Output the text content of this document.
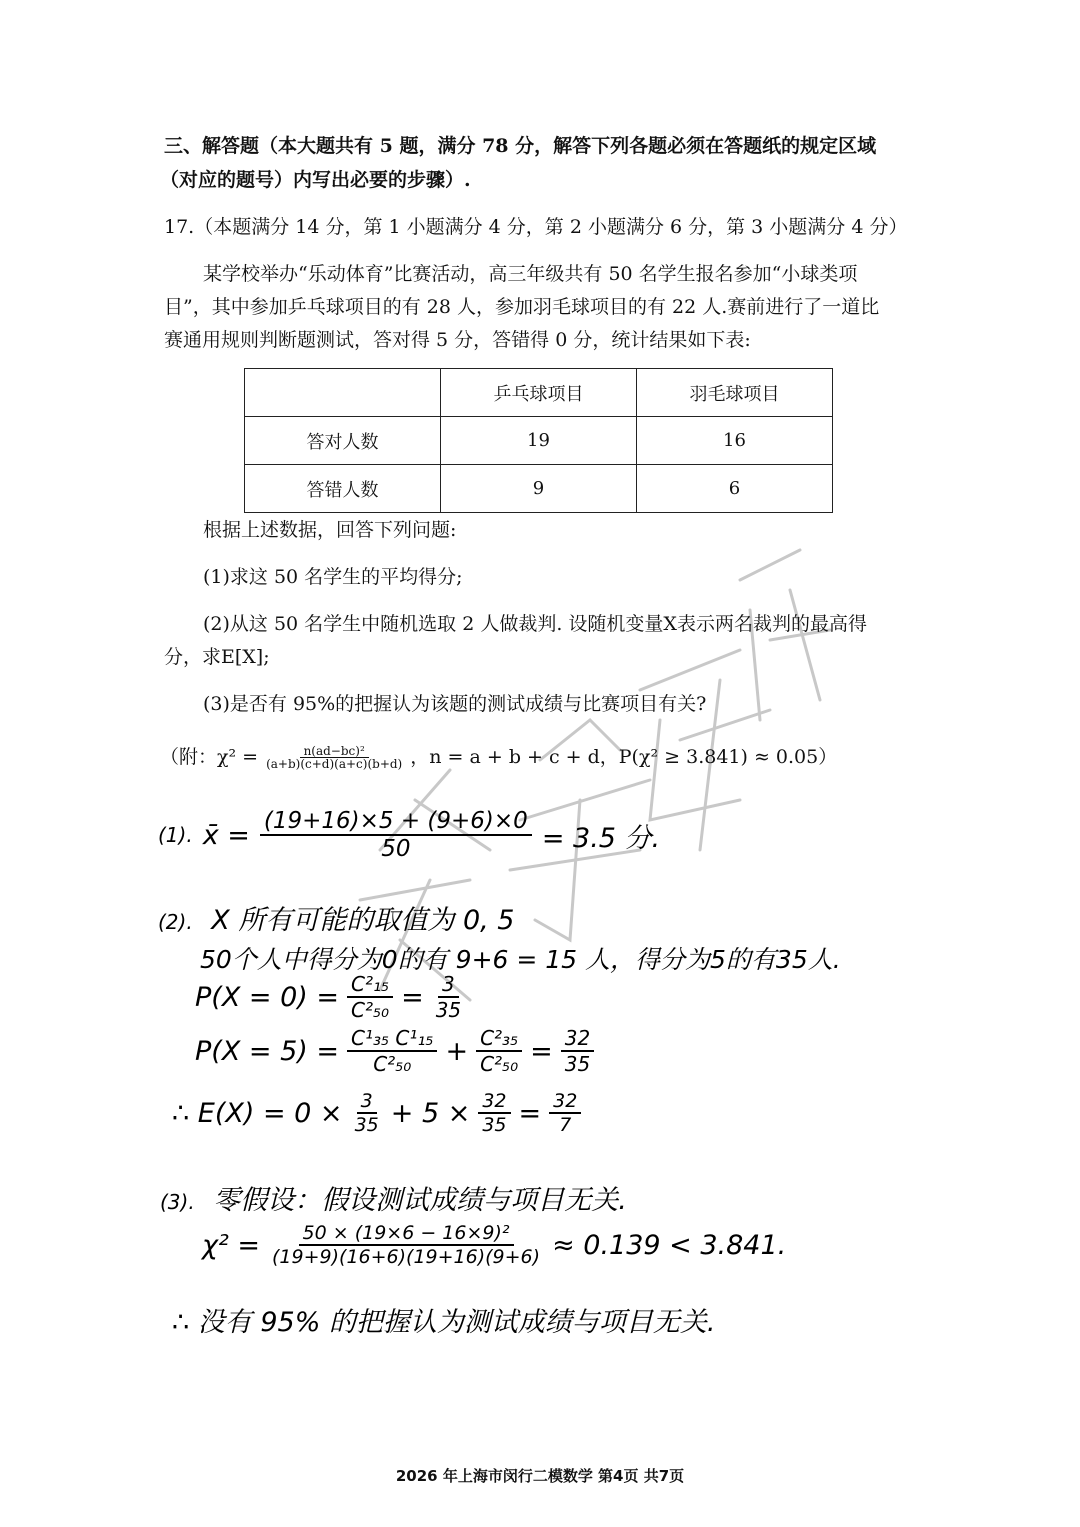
三、解答题（本大题共有 5 题，满分 78 分，解答下列各题必须在答题纸的规定区域
（对应的题号）内写出必要的步骤）.
17.（本题满分 14 分，第 1 小题满分 4 分，第 2 小题满分 6 分，第 3 小题满分 4 分）
某学校举办“乐动体育”比赛活动，高三年级共有 50 名学生报名参加“小球类项
目”，其中参加乒乓球项目的有 28 人，参加羽毛球项目的有 22 人.赛前进行了一道比
赛通用规则判断题测试，答对得 5 分，答错得 0 分，统计结果如下表:
	乒乓球项目	羽毛球项目
答对人数	19	16
答错人数	9	6
根据上述数据，回答下列问题:
(1)求这 50 名学生的平均得分;
(2)从这 50 名学生中随机选取 2 人做裁判. 设随机变量X表示两名裁判的最高得
分，求E[X];
(3)是否有 95%的把握认为该题的测试成绩与比赛项目有关?
（附：$\chi^2 = \frac{\text{n(ad−bc)²}}{(a+b)(c+d)(a+c)(b+d)}$ ，n = a + b + c + d，P(χ² ≥ 3.841) ≈ 0.05）
(1). x̄ = $\frac{(19+16)\times 5 + (9+6)\times 0}{50} = 3.5$ 分.
(2). X 所有可能的取值为 0, 5
50个人中得分为0的有 9+6 = 15 人，得分为5的有35人.
$P(X = 0) = \frac{\text{C²₁₅}}{\text{C²₅₀}} = \frac{3}{35}$
$P(X = 5) = \frac{\text{C¹₃₅ C¹₁₅}}{\text{C²₅₀}} + \frac{\text{C²₃₅}}{\text{C²₅₀}} = \frac{32}{35}$
∴ $E(X) = 0 \times \frac{3}{35} + 5 \times \frac{32}{35} = \frac{32}{7}$
(3). 零假设：假设测试成绩与项目无关.
$\chi^2 = \frac{\text{50 × (19×6 − 16×9)²}}{(19+9)(16+6)(19+16)(9+6)} \approx 0.139 < 3.841$.
∴ 没有 95% 的把握认为测试成绩与项目无关.
2026 年上海市闵行二模数学 第4页 共7页
